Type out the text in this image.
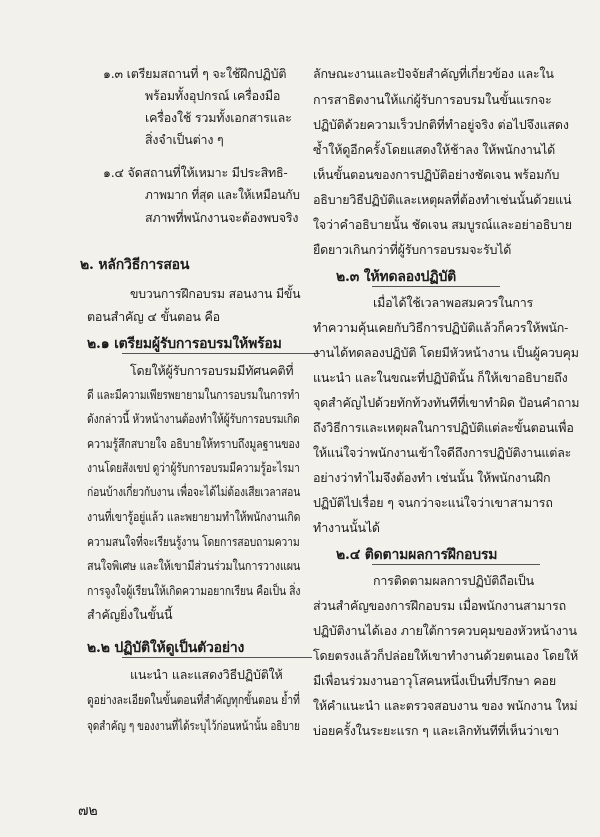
๑.๓ เตรียมสถานที่ ๆ จะใช้ฝึกปฏิบัติ
พร้อมทั้งอุปกรณ์ เครื่องมือ
เครื่องใช้ รวมทั้งเอกสารและ
สิ่งจำเป็นต่าง ๆ
๑.๔ จัดสถานที่ให้เหมาะ มีประสิทธิ-
ภาพมาก ที่สุด และให้เหมือนกับ
สภาพที่พนักงานจะต้องพบจริง
๒. หลักวิธีการสอน
ขบวนการฝึกอบรม สอนงาน มีขั้น
ตอนสำคัญ ๔ ขั้นตอน คือ
๒.๑ เตรียมผู้รับการอบรมให้พร้อม
โดยให้ผู้รับการอบรมมีทัศนคติที่
ดี และมีความเพียรพยายามในการอบรมในการทำ
ดังกล่าวนี้ หัวหน้างานต้องทำให้ผู้รับการอบรมเกิด
ความรู้สึกสบายใจ อธิบายให้ทราบถึงมูลฐานของ
งานโดยสังเขป ดูว่าผู้รับการอบรมมีความรู้อะไรมา
ก่อนบ้างเกี่ยวกับงาน เพื่อจะได้ไม่ต้องเสียเวลาสอน
งานที่เขารู้อยู่แล้ว และพยายามทำให้พนักงานเกิด
ความสนใจที่จะเรียนรู้งาน โดยการสอบถามความ
สนใจพิเศษ และให้เขามีส่วนร่วมในการวางแผน
การจูงใจผู้เรียนให้เกิดความอยากเรียน คือเป็น สิ่ง
สำคัญยิ่งในขั้นนี้
๒.๒ ปฏิบัติให้ดูเป็นตัวอย่าง
แนะนำ และแสดงวิธีปฏิบัติให้
ดูอย่างละเอียดในขั้นตอนที่สำคัญทุกขั้นตอน ย้ำที่
จุดสำคัญ ๆ ของงานที่ได้ระบุไว้ก่อนหน้านั้น อธิบาย
ลักษณะงานและปัจจัยสำคัญที่เกี่ยวข้อง และใน
การสาธิตงานให้แก่ผู้รับการอบรมในขั้นแรกจะ
ปฏิบัติด้วยความเร็วปกติที่ทำอยู่จริง ต่อไปจึงแสดง
ซ้ำให้ดูอีกครั้งโดยแสดงให้ช้าลง ให้พนักงานได้
เห็นขั้นตอนของการปฏิบัติอย่างชัดเจน พร้อมกับ
อธิบายวิธีปฏิบัติและเหตุผลที่ต้องทำเช่นนั้นด้วยแน่
ใจว่าคำอธิบายนั้น ชัดเจน สมบูรณ์และอย่าอธิบาย
ยืดยาวเกินกว่าที่ผู้รับการอบรมจะรับได้
๒.๓ ให้ทดลองปฏิบัติ
เมื่อได้ใช้เวลาพอสมควรในการ
ทำความคุ้นเคยกับวิธีการปฏิบัติแล้วก็ควรให้พนัก-
งานได้ทดลองปฏิบัติ โดยมีหัวหน้างาน เป็นผู้ควบคุม
แนะนำ และในขณะที่ปฏิบัตินั้น ก็ให้เขาอธิบายถึง
จุดสำคัญไปด้วยทักท้วงทันทีที่เขาทำผิด ป้อนคำถาม
ถึงวิธีการและเหตุผลในการปฏิบัติแต่ละขั้นตอนเพื่อ
ให้แน่ใจว่าพนักงานเข้าใจดีถึงการปฏิบัติงานแต่ละ
อย่างว่าทำไมจึงต้องทำ เช่นนั้น ให้พนักงานฝึก
ปฏิบัติไปเรื่อย ๆ จนกว่าจะแน่ใจว่าเขาสามารถ
ทำงานนั้นได้
๒.๔ ติดตามผลการฝึกอบรม
การติดตามผลการปฏิบัติถือเป็น
ส่วนสำคัญของการฝึกอบรม เมื่อพนักงานสามารถ
ปฏิบัติงานได้เอง ภายใต้การควบคุมของหัวหน้างาน
โดยตรงแล้วก็ปล่อยให้เขาทำงานด้วยตนเอง โดยให้
มีเพื่อนร่วมงานอาวุโสคนหนึ่งเป็นที่ปรึกษา คอย
ให้คำแนะนำ และตรวจสอบงาน ของ พนักงาน ใหม่
บ่อยครั้งในระยะแรก ๆ และเลิกทันทีที่เห็นว่าเขา
๗๒
